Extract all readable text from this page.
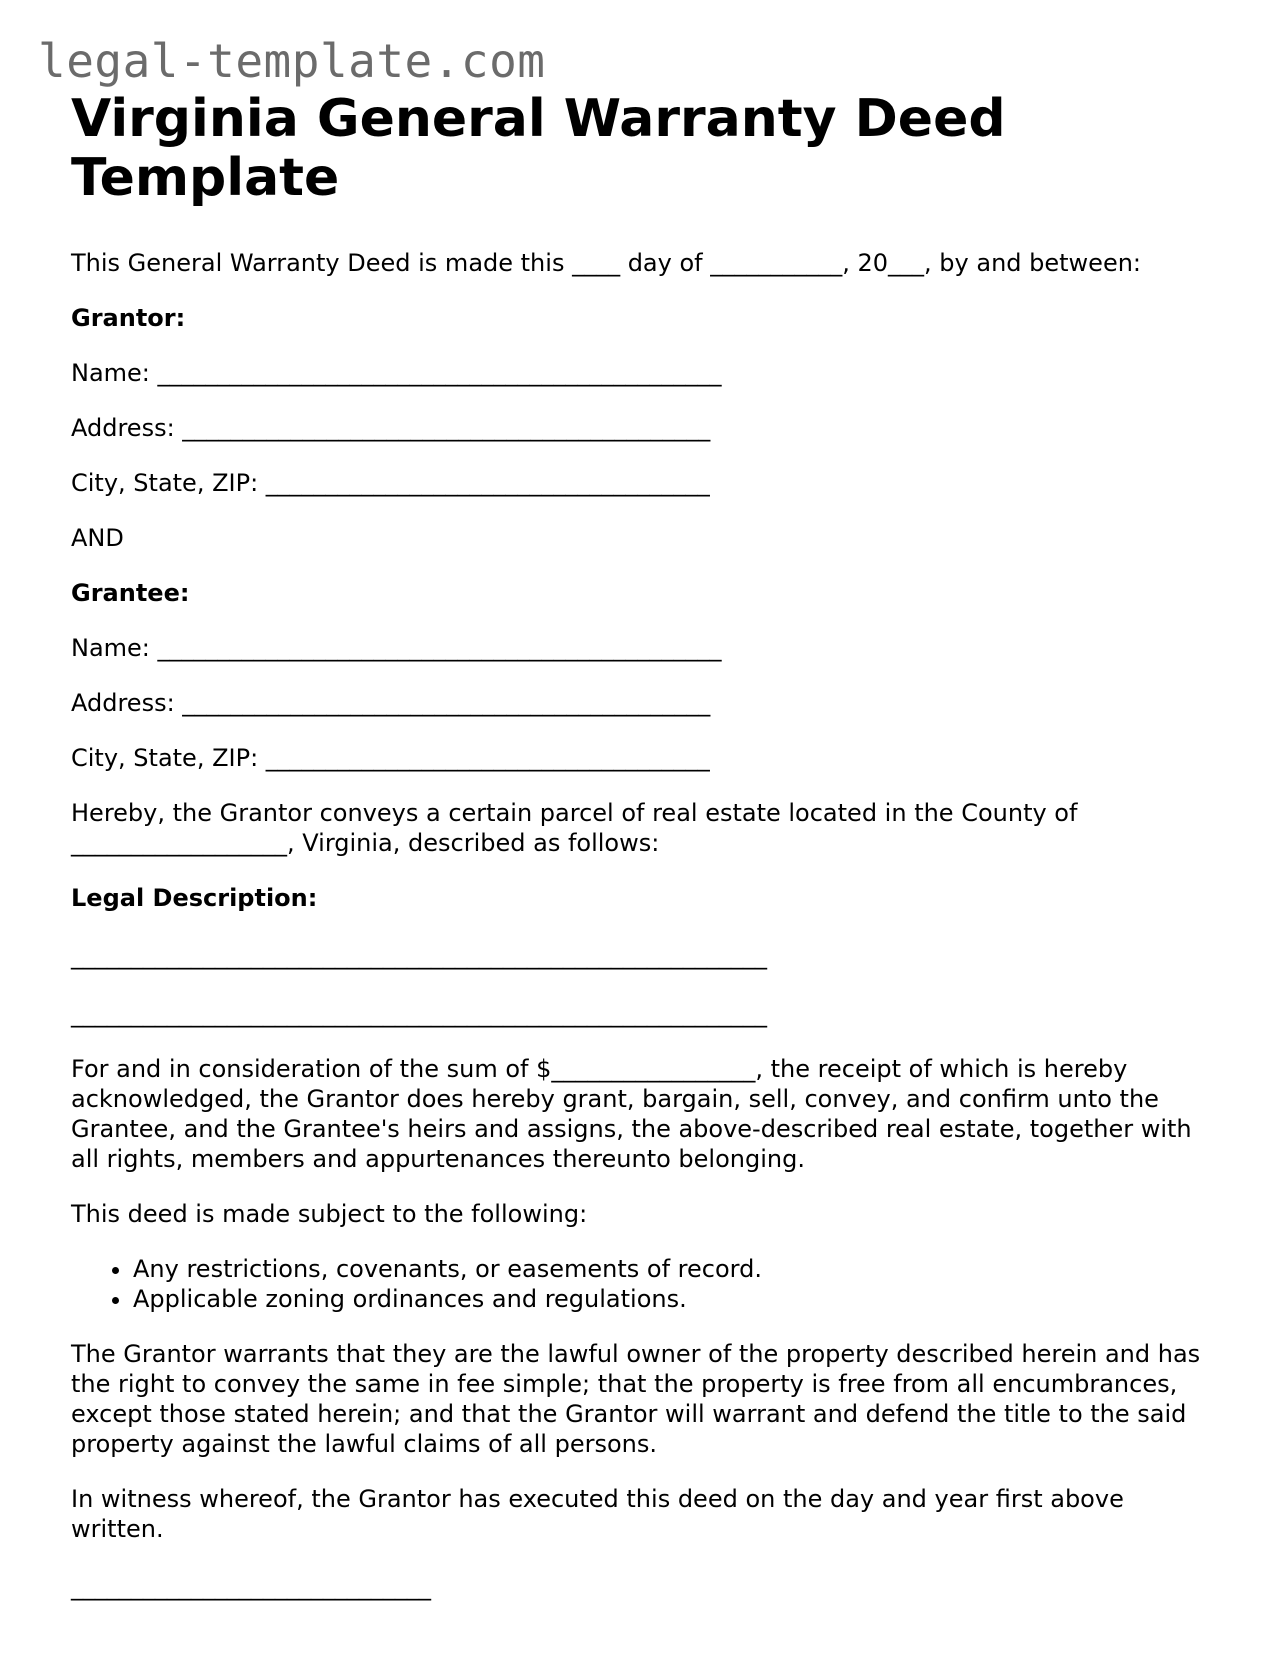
legal-template.com
Virginia General Warranty Deed Template

This General Warranty Deed is made this ____ day of ___________, 20___, by and between:

Grantor:

Name: _______________________________________________

Address: ____________________________________________

City, State, ZIP: _____________________________________

AND

Grantee:

Name: _______________________________________________

Address: ____________________________________________

City, State, ZIP: _____________________________________

Hereby, the Grantor conveys a certain parcel of real estate located in the County of __________________, Virginia, described as follows:

Legal Description:

__________________________________________________________

__________________________________________________________

For and in consideration of the sum of $_________________, the receipt of which is hereby acknowledged, the Grantor does hereby grant, bargain, sell, convey, and confirm unto the Grantee, and the Grantee's heirs and assigns, the above-described real estate, together with all rights, members and appurtenances thereunto belonging.

This deed is made subject to the following:

• Any restrictions, covenants, or easements of record.
• Applicable zoning ordinances and regulations.

The Grantor warrants that they are the lawful owner of the property described herein and has the right to convey the same in fee simple; that the property is free from all encumbrances, except those stated herein; and that the Grantor will warrant and defend the title to the said property against the lawful claims of all persons.

In witness whereof, the Grantor has executed this deed on the day and year first above written.

______________________________
